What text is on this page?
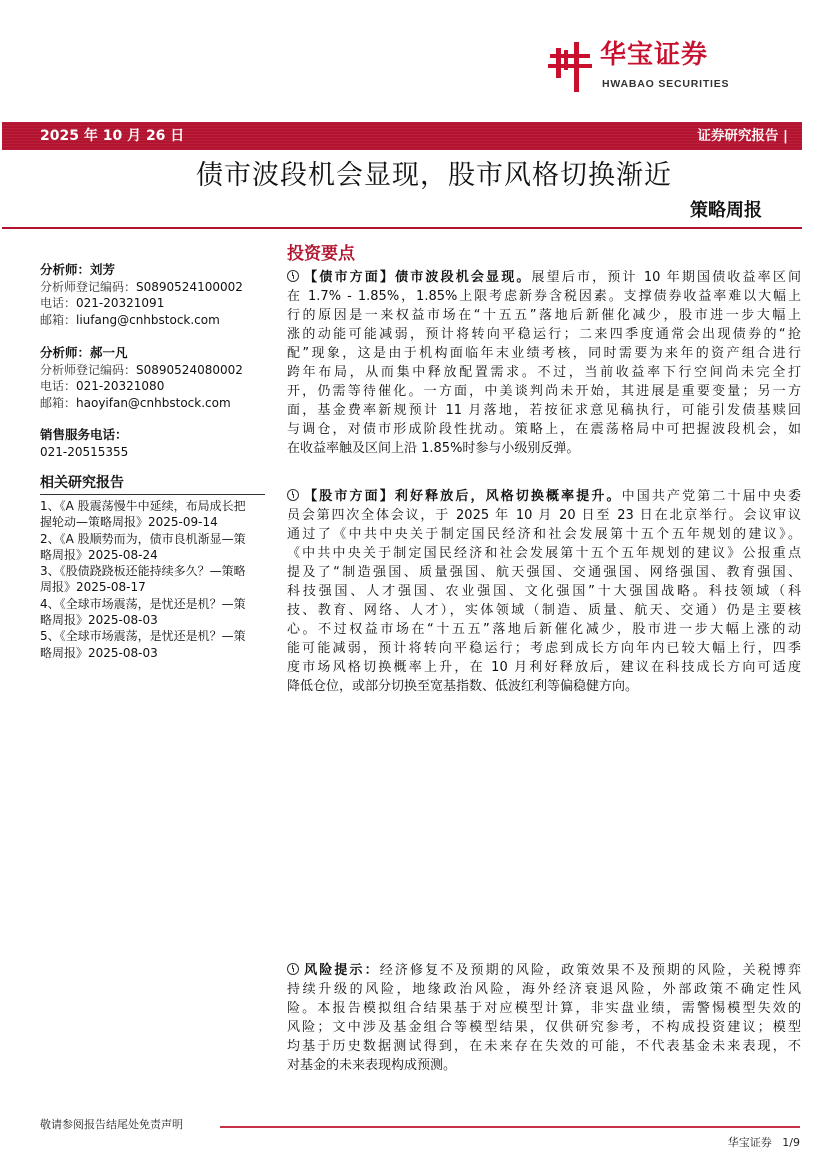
华宝证券
HWABAO SECURITIES
2025 年 10 月 26 日	证券研究报告 |
债市波段机会显现，股市风格切换渐近
策略周报
分析师：刘芳
分析师登记编码：S0890524100002
电话：021-20321091
邮箱：liufang@cnhbstock.com
分析师：郝一凡
分析师登记编码：S0890524080002
电话：021-20321080
邮箱：haoyifan@cnhbstock.com
销售服务电话：
021-20515355
相关研究报告
1、《A 股震荡慢牛中延续，布局成长把
握轮动—策略周报》2025-09-14
2、《A 股顺势而为，债市良机渐显—策
略周报》2025-08-24
3、《股债跷跷板还能持续多久？—策略
周报》2025-08-17
4、《全球市场震荡，是忧还是机？—策
略周报》2025-08-03
5、《全球市场震荡，是忧还是机？—策
略周报》2025-08-03
投资要点
【债市方面】债市波段机会显现。展望后市，预计 10 年期国债收益率区间
在 1.7% - 1.85%，1.85%上限考虑新券含税因素。支撑债券收益率难以大幅上
行的原因是一来权益市场在“十五五”落地后新催化减少，股市进一步大幅上
涨的动能可能减弱，预计将转向平稳运行；二来四季度通常会出现债券的“抢
配”现象，这是由于机构面临年末业绩考核，同时需要为来年的资产组合进行
跨年布局，从而集中释放配置需求。不过，当前收益率下行空间尚未完全打
开，仍需等待催化。一方面，中美谈判尚未开始，其进展是重要变量；另一方
面，基金费率新规预计 11 月落地，若按征求意见稿执行，可能引发债基赎回
与调仓，对债市形成阶段性扰动。策略上，在震荡格局中可把握波段机会，如
在收益率触及区间上沿 1.85%时参与小级别反弹。
【股市方面】利好释放后，风格切换概率提升。中国共产党第二十届中央委
员会第四次全体会议，于 2025 年 10 月 20 日至 23 日在北京举行。会议审议
通过了《中共中央关于制定国民经济和社会发展第十五个五年规划的建议》。
《中共中央关于制定国民经济和社会发展第十五个五年规划的建议》公报重点
提及了“制造强国、质量强国、航天强国、交通强国、网络强国、教育强国、
科技强国、人才强国、农业强国、文化强国”十大强国战略。科技领域（科
技、教育、网络、人才），实体领域（制造、质量、航天、交通）仍是主要核
心。不过权益市场在“十五五”落地后新催化减少，股市进一步大幅上涨的动
能可能减弱，预计将转向平稳运行；考虑到成长方向年内已较大幅上行，四季
度市场风格切换概率上升，在 10 月利好释放后，建议在科技成长方向可适度
降低仓位，或部分切换至宽基指数、低波红利等偏稳健方向。
风险提示：经济修复不及预期的风险，政策效果不及预期的风险，关税博弈
持续升级的风险，地缘政治风险，海外经济衰退风险，外部政策不确定性风
险。本报告模拟组合结果基于对应模型计算，非实盘业绩，需警惕模型失效的
风险；文中涉及基金组合等模型结果，仅供研究参考，不构成投资建议；模型
均基于历史数据测试得到，在未来存在失效的可能，不代表基金未来表现，不
对基金的未来表现构成预测。
敬请参阅报告结尾处免责声明
华宝证券 1/9
